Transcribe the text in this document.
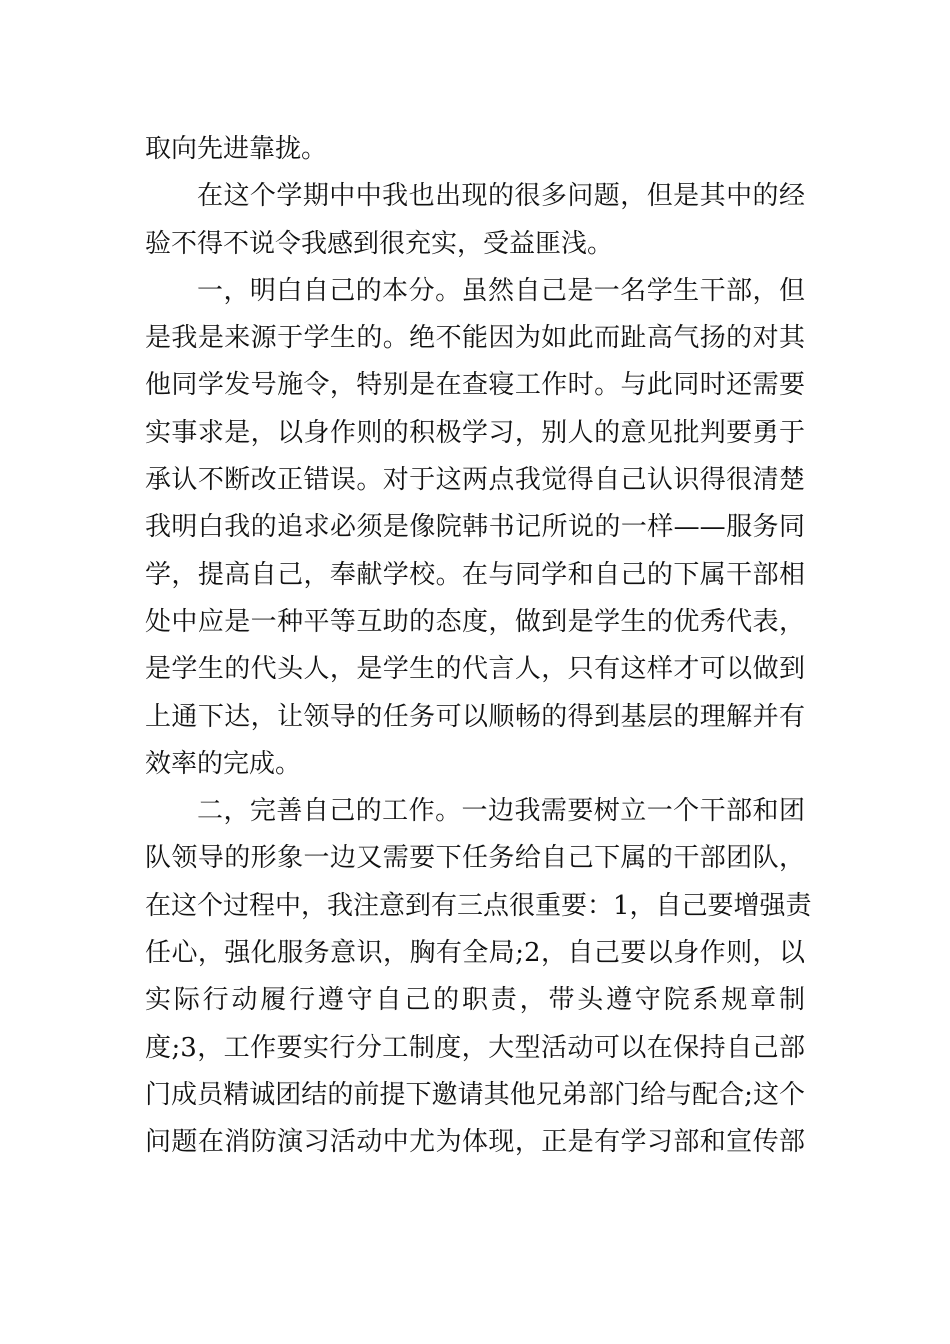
取向先进靠拢。
在这个学期中中我也出现的很多问题，但是其中的经
验不得不说令我感到很充实，受益匪浅。
一，明白自己的本分。虽然自己是一名学生干部，但
是我是来源于学生的。绝不能因为如此而趾高气扬的对其
他同学发号施令，特别是在查寝工作时。与此同时还需要
实事求是，以身作则的积极学习，别人的意见批判要勇于
承认不断改正错误。对于这两点我觉得自己认识得很清楚
我明白我的追求必须是像院韩书记所说的一样——服务同
学，提高自己，奉献学校。在与同学和自己的下属干部相
处中应是一种平等互助的态度，做到是学生的优秀代表，
是学生的代头人，是学生的代言人，只有这样才可以做到
上通下达，让领导的任务可以顺畅的得到基层的理解并有
效率的完成。
二，完善自己的工作。一边我需要树立一个干部和团
队领导的形象一边又需要下任务给自己下属的干部团队，
在这个过程中，我注意到有三点很重要：1，自己要增强责
任心，强化服务意识，胸有全局;2，自己要以身作则，以
实际行动履行遵守自己的职责，带头遵守院系规章制
度;3，工作要实行分工制度，大型活动可以在保持自己部
门成员精诚团结的前提下邀请其他兄弟部门给与配合;这个
问题在消防演习活动中尤为体现，正是有学习部和宣传部
